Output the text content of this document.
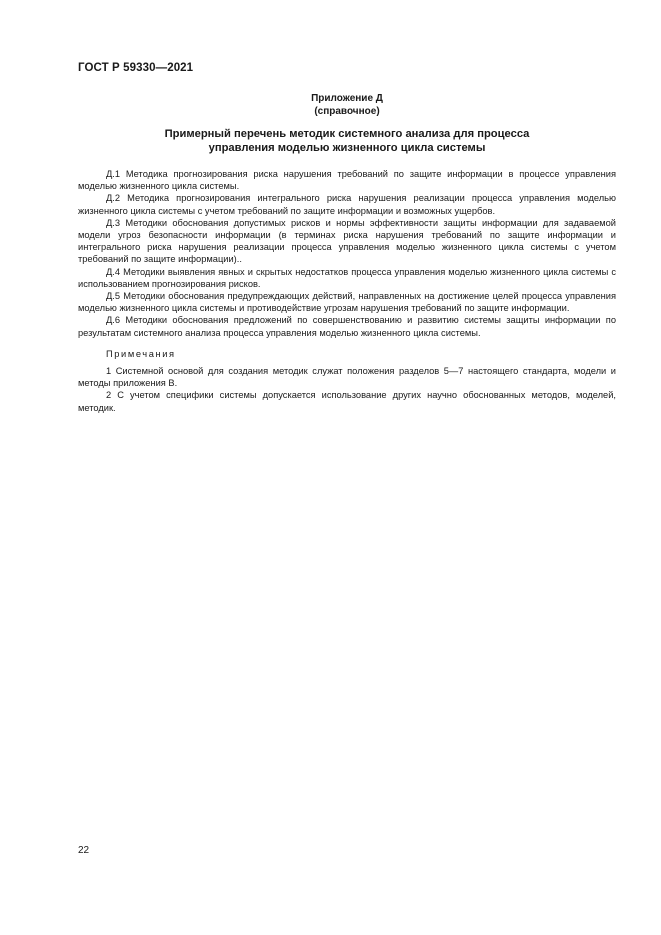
ГОСТ Р 59330—2021
Приложение Д
(справочное)
Примерный перечень методик системного анализа для процесса
управления моделью жизненного цикла системы

Д.1 Методика прогнозирования риска нарушения требований по защите информации в процессе управления моделью жизненного цикла системы.

Д.2 Методика прогнозирования интегрального риска нарушения реализации процесса управления моделью жизненного цикла системы с учетом требований по защите информации и возможных ущербов.

Д.3 Методики обоснования допустимых рисков и нормы эффективности защиты информации для задаваемой модели угроз безопасности информации (в терминах риска нарушения требований по защите информации и интегрального риска нарушения реализации процесса управления моделью жизненного цикла системы с учетом требований по защите информации)..

Д.4 Методики выявления явных и скрытых недостатков процесса управления моделью жизненного цикла системы с использованием прогнозирования рисков.

Д.5 Методики обоснования предупреждающих действий, направленных на достижение целей процесса управления моделью жизненного цикла системы и противодействие угрозам нарушения требований по защите информации.

Д.6 Методики обоснования предложений по совершенствованию и развитию системы защиты информации по результатам системного анализа процесса управления моделью жизненного цикла системы.

Примечания

1 Системной основой для создания методик служат положения разделов 5—7 настоящего стандарта, модели и методы приложения В.

2 С учетом специфики системы допускается использование других научно обоснованных методов, моделей, методик.

22
